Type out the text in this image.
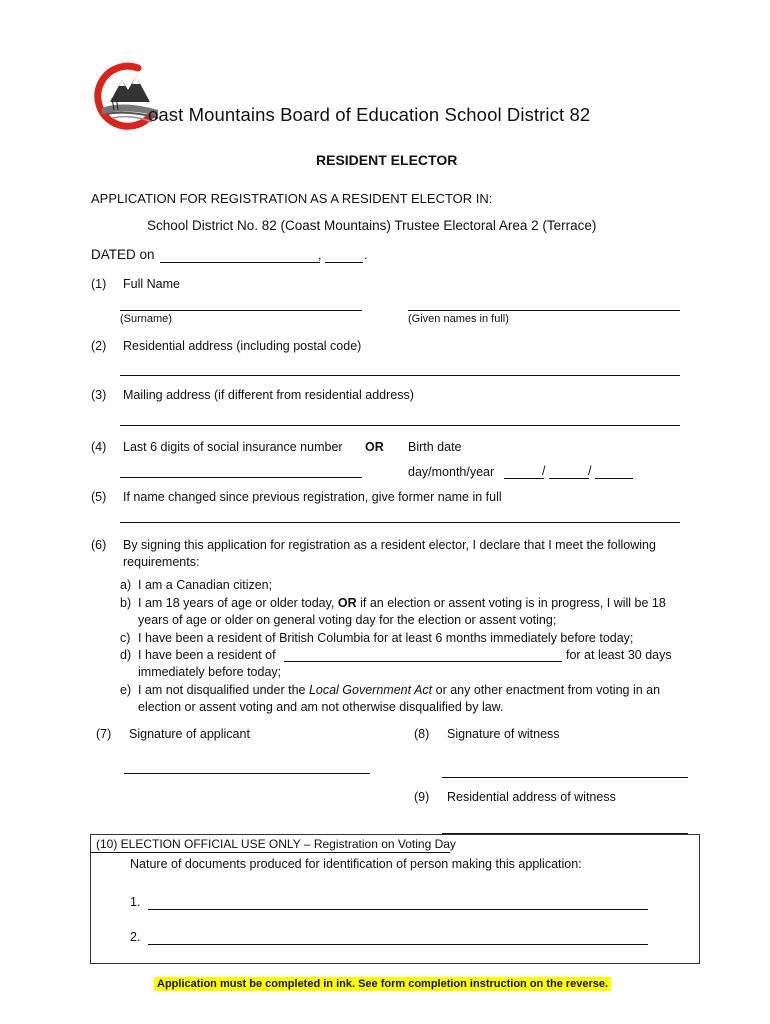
oast Mountains Board of Education School District 82
RESIDENT ELECTOR
APPLICATION FOR REGISTRATION AS A RESIDENT ELECTOR IN:
School District No. 82 (Coast Mountains) Trustee Electoral Area 2 (Terrace)
DATED on	,	.
(1) Full Name
(Surname)	(Given names in full)
(2) Residential address (including postal code)
(3) Mailing address (if different from residential address)
(4) Last 6 digits of social insurance number OR Birth date
day/month/year	/	/
(5) If name changed since previous registration, give former name in full
(6) By signing this application for registration as a resident elector, I declare that I meet the following
requirements:
a) I am a Canadian citizen;
b) I am 18 years of age or older today, OR if an election or assent voting is in progress, I will be 18
years of age or older on general voting day for the election or assent voting;
c) I have been a resident of British Columbia for at least 6 months immediately before today;
d) I have been a resident of	for at least 30 days
immediately before today;
e) I am not disqualified under the Local Government Act or any other enactment from voting in an
election or assent voting and am not otherwise disqualified by law.
(7) Signature of applicant	(8) Signature of witness
(9) Residential address of witness
(10) ELECTION OFFICIAL USE ONLY – Registration on Voting Day
Nature of documents produced for identification of person making this application:
1.
2.
Application must be completed in ink. See form completion instruction on the reverse.
